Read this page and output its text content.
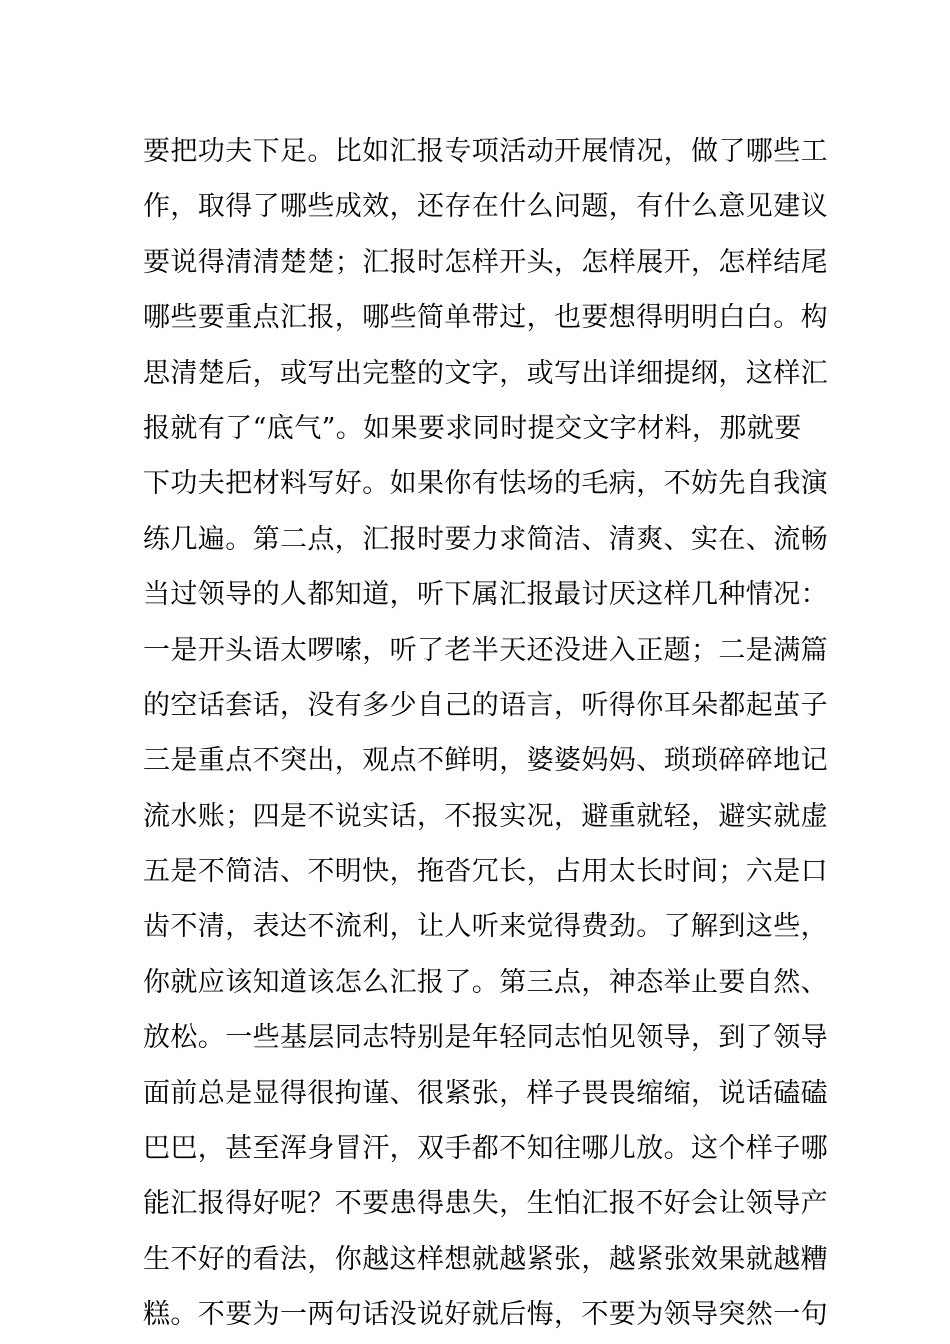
要把功夫下足。比如汇报专项活动开展情况，做了哪些工
作，取得了哪些成效，还存在什么问题，有什么意见建议
要说得清清楚楚；汇报时怎样开头，怎样展开，怎样结尾
哪些要重点汇报，哪些简单带过，也要想得明明白白。构
思清楚后，或写出完整的文字，或写出详细提纲，这样汇
报就有了“底气”。如果要求同时提交文字材料，那就要
下功夫把材料写好。如果你有怯场的毛病，不妨先自我演
练几遍。第二点，汇报时要力求简洁、清爽、实在、流畅
当过领导的人都知道，听下属汇报最讨厌这样几种情况：
一是开头语太啰嗦，听了老半天还没进入正题；二是满篇
的空话套话，没有多少自己的语言，听得你耳朵都起茧子
三是重点不突出，观点不鲜明，婆婆妈妈、琐琐碎碎地记
流水账；四是不说实话，不报实况，避重就轻，避实就虚
五是不简洁、不明快，拖沓冗长，占用太长时间；六是口
齿不清，表达不流利，让人听来觉得费劲。了解到这些，
你就应该知道该怎么汇报了。第三点，神态举止要自然、
放松。一些基层同志特别是年轻同志怕见领导，到了领导
面前总是显得很拘谨、很紧张，样子畏畏缩缩，说话磕磕
巴巴，甚至浑身冒汗，双手都不知往哪儿放。这个样子哪
能汇报得好呢？不要患得患失，生怕汇报不好会让领导产
生不好的看法，你越这样想就越紧张，越紧张效果就越糟
糕。不要为一两句话没说好就后悔，不要为领导突然一句
